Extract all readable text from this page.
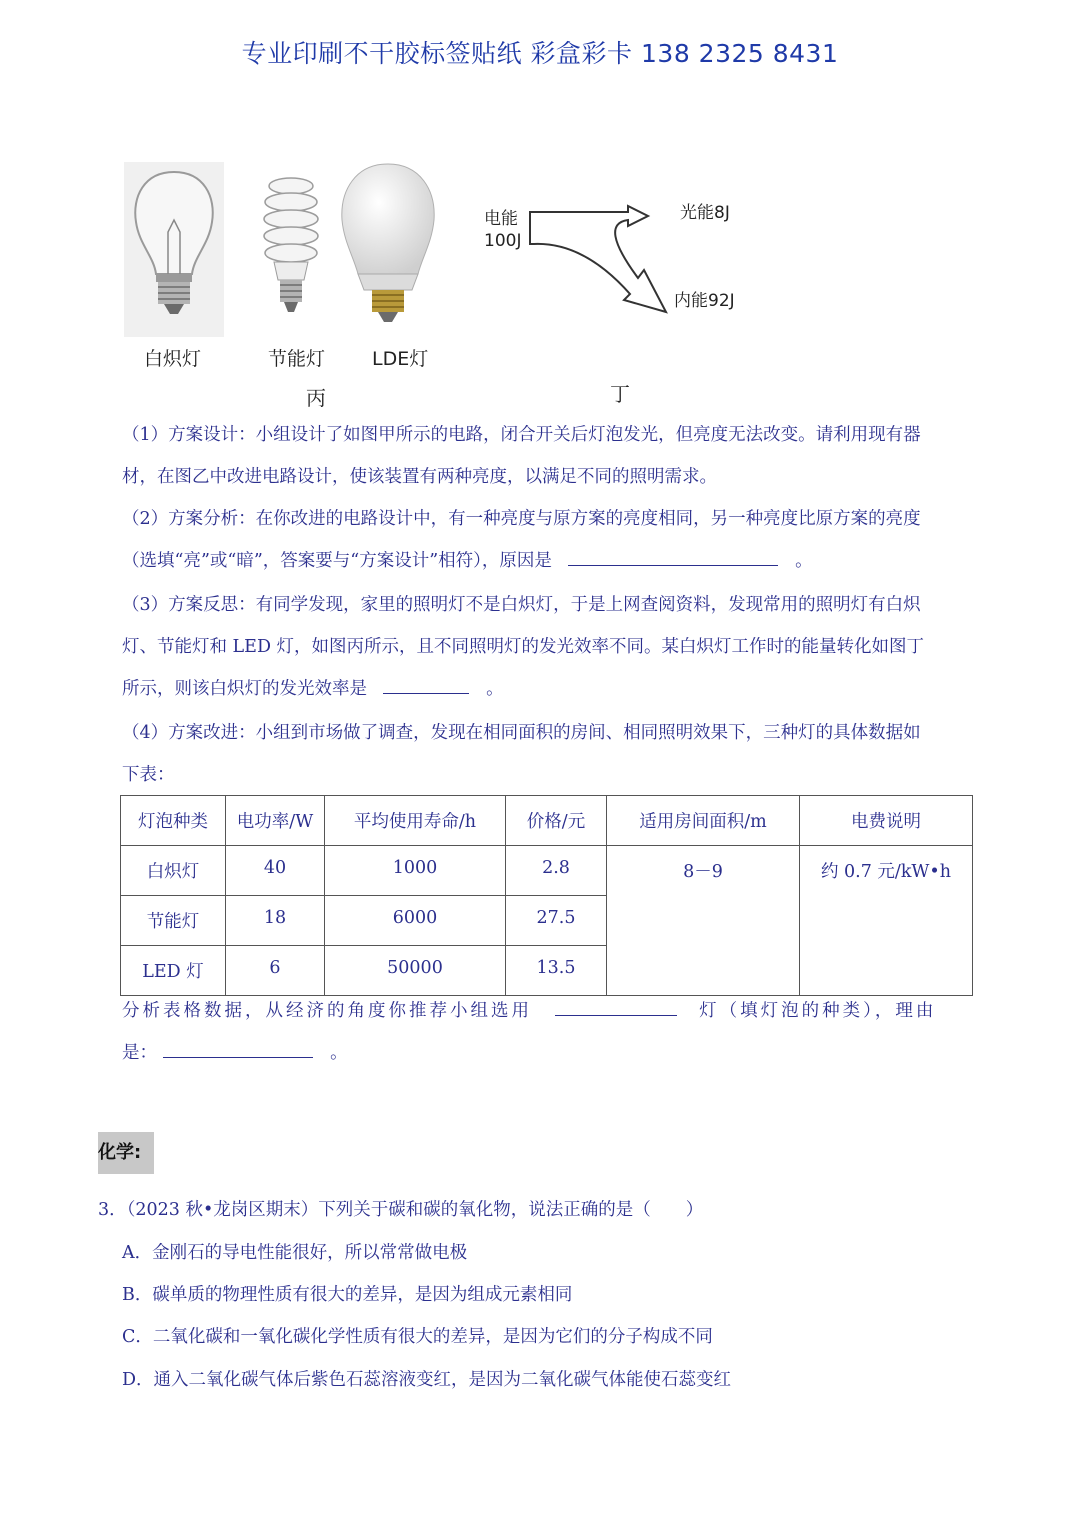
专业印刷不干胶标签贴纸 彩盒彩卡 138 2325 8431
白炽灯	节能灯 LDE灯
丙	丁
电能
100J
光能8J
内能92J
（1）方案设计：小组设计了如图甲所示的电路，闭合开关后灯泡发光，但亮度无法改变。请利用现有器
材，在图乙中改进电路设计，使该装置有两种亮度，以满足不同的照明需求。
（2）方案分析：在你改进的电路设计中，有一种亮度与原方案的亮度相同，另一种亮度比原方案的亮度
（选填“亮”或“暗”，答案要与“方案设计”相符），原因是	。
（3）方案反思：有同学发现，家里的照明灯不是白炽灯，于是上网查阅资料，发现常用的照明灯有白炽
灯、节能灯和 LED 灯，如图丙所示，且不同照明灯的发光效率不同。某白炽灯工作时的能量转化如图丁
所示，则该白炽灯的发光效率是	。
（4）方案改进：小组到市场做了调查，发现在相同面积的房间、相同照明效果下，三种灯的具体数据如
下表：
灯泡种类	电功率/W	平均使用寿命/h	价格/元	适用房间面积/m	电费说明
白炽灯	40	1000	2.8	8－9	约 0.7 元/kW•h
节能灯	18	6000	27.5		
LED 灯	6	50000	13.5		
分析表格数据，从经济的角度你推荐小组选用	灯（填灯泡的种类），理由
是：	。
化学:
3．（2023 秋•龙岗区期末）下列关于碳和碳的氧化物，说法正确的是（　　）
A．金刚石的导电性能很好，所以常常做电极
B．碳单质的物理性质有很大的差异，是因为组成元素相同
C．二氧化碳和一氧化碳化学性质有很大的差异，是因为它们的分子构成不同
D．通入二氧化碳气体后紫色石蕊溶液变红，是因为二氧化碳气体能使石蕊变红
